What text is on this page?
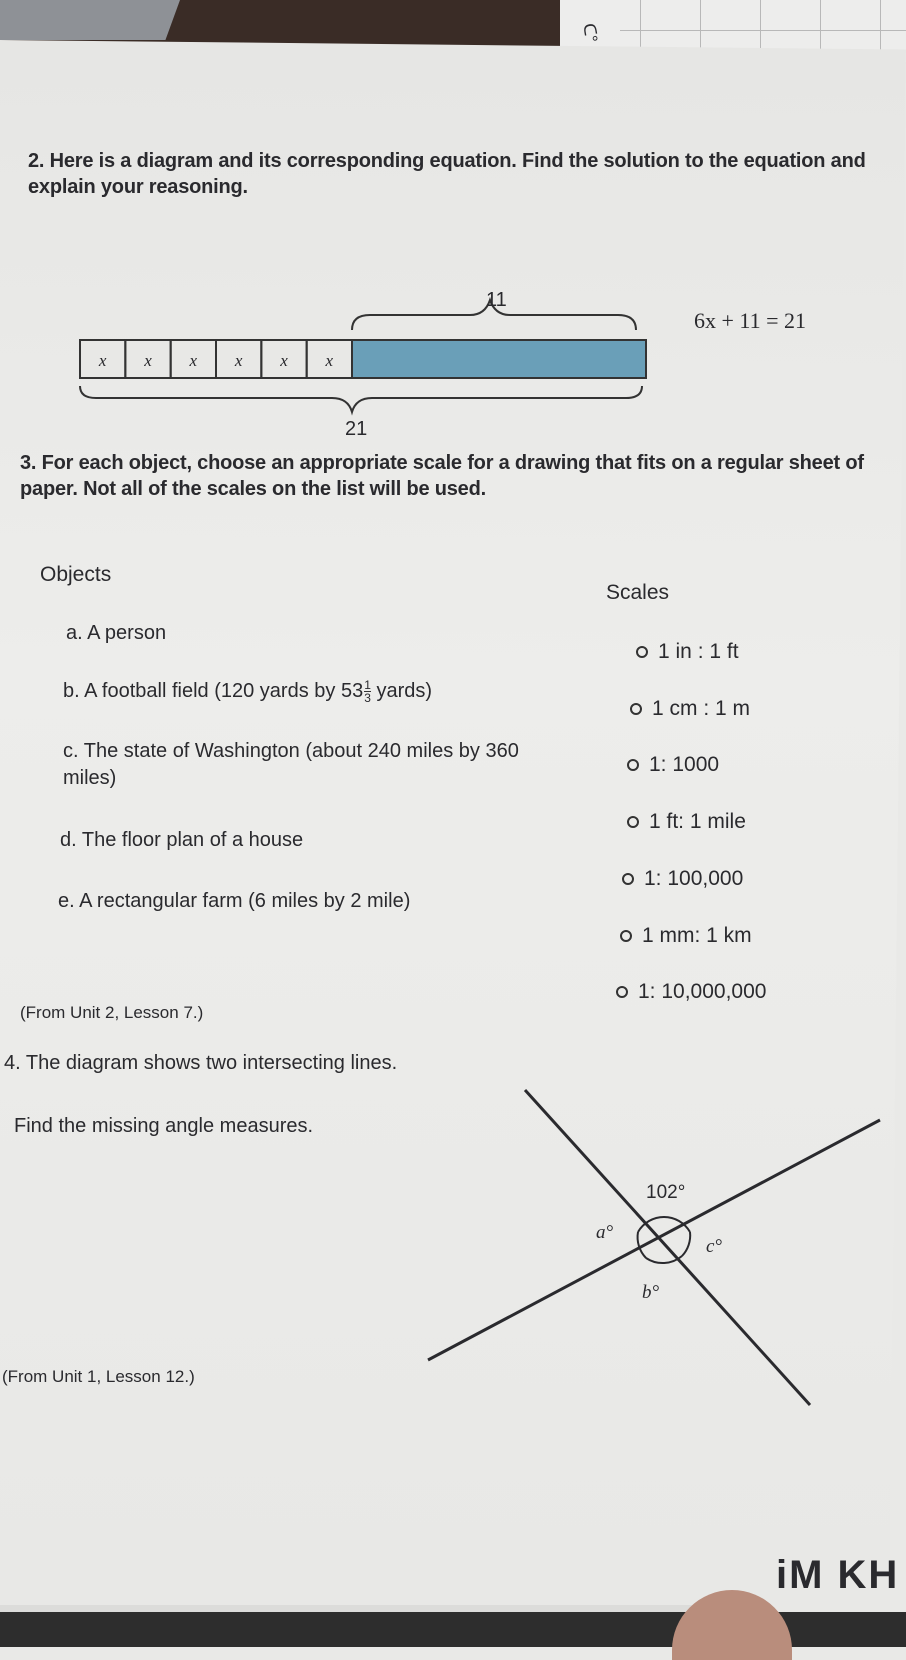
ᑕ°
2. Here is a diagram and its corresponding equation. Find the solution to the equation and explain your reasoning.
x x x x x x
11
21
6x + 11 = 21
3. For each object, choose an appropriate scale for a drawing that fits on a regular sheet of paper. Not all of the scales on the list will be used.
Objects
Scales
a. A person
b. A football field (120 yards by $53 \frac{1}{3}$ yards)
c. The state of Washington (about 240 miles by 360 miles)
d. The floor plan of a house
e. A rectangular farm (6 miles by 2 mile)
1 in : 1 ft
1 cm : 1 m
1: 1000
1 ft: 1 mile
1: 100,000
1 mm: 1 km
1: 10,000,000
(From Unit 2, Lesson 7.)
4. The diagram shows two intersecting lines.
Find the missing angle measures.
102°
a°
b°
c°
(From Unit 1, Lesson 12.)
iM KH
